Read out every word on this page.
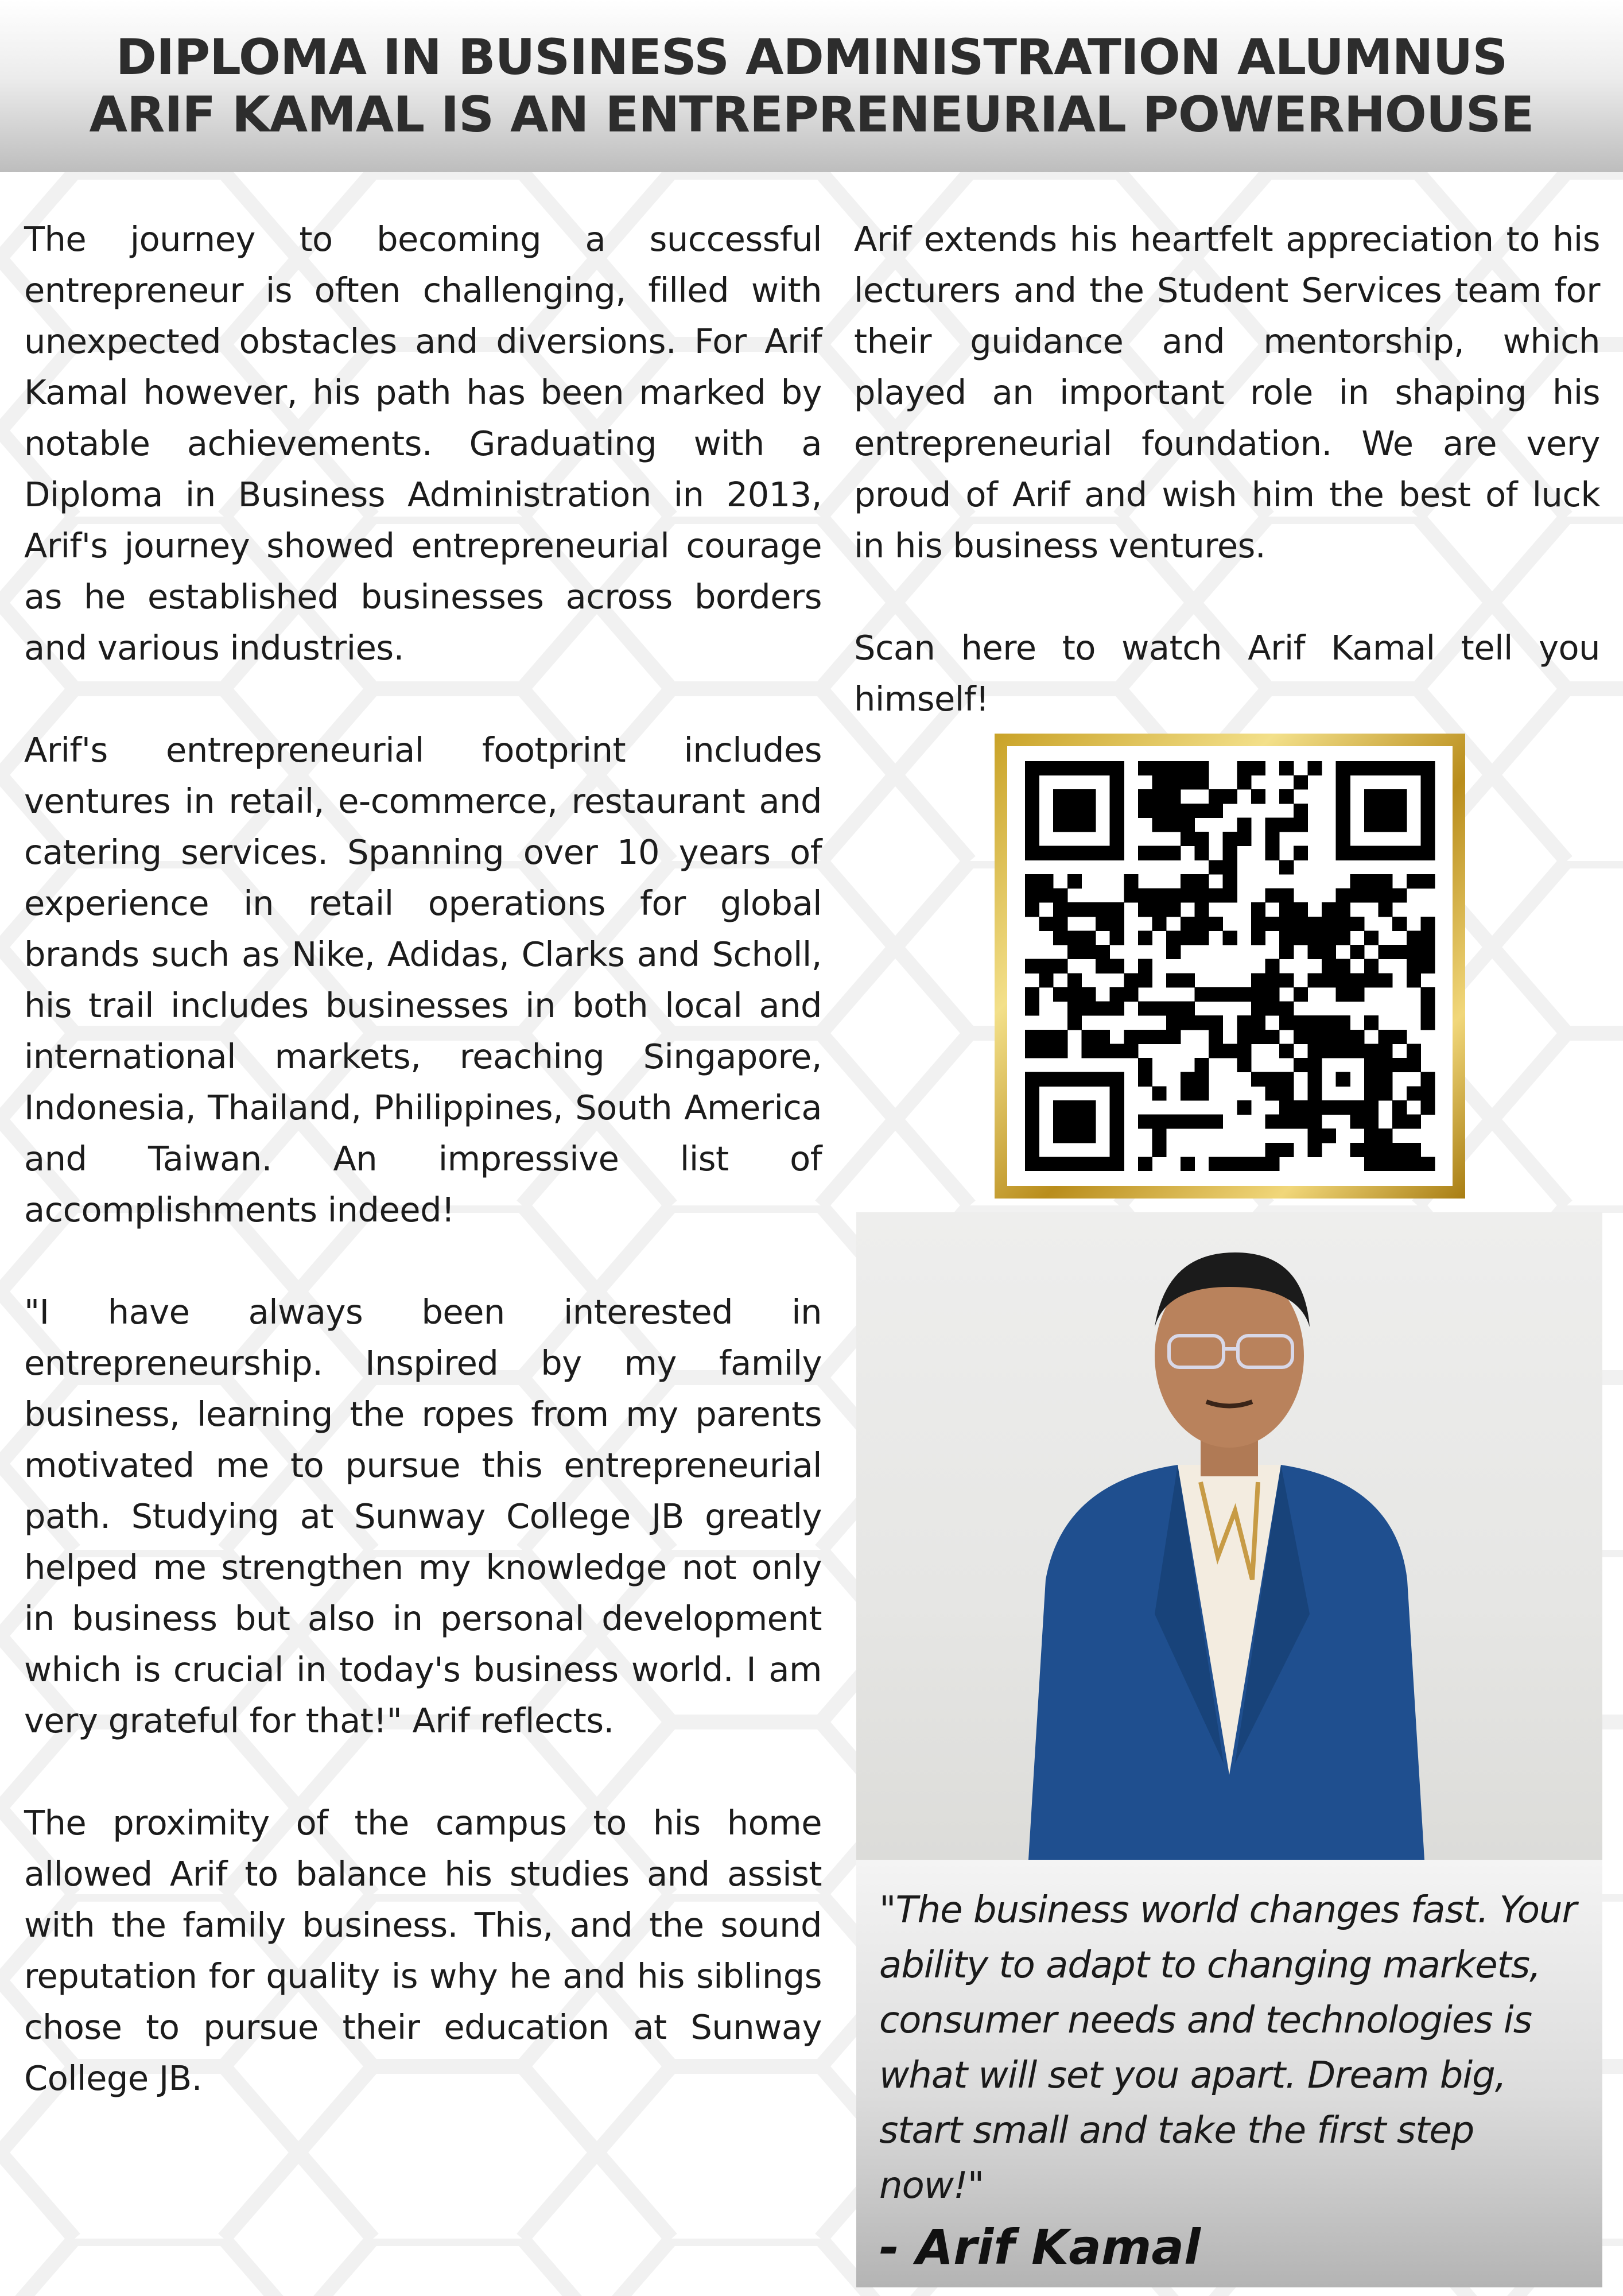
DIPLOMA IN BUSINESS ADMINISTRATION ALUMNUS
ARIF KAMAL IS AN ENTREPRENEURIAL POWERHOUSE

The journey to becoming a successful entrepreneur is often challenging, filled with unexpected obstacles and diversions. For Arif Kamal however, his path has been marked by notable achievements. Graduating with a Diploma in Business Administration in 2013, Arif's journey showed entrepreneurial courage as he established businesses across borders and various industries.

Arif's entrepreneurial footprint includes ventures in retail, e-commerce, restaurant and catering services. Spanning over 10 years of experience in retail operations for global brands such as Nike, Adidas, Clarks and Scholl, his trail includes businesses in both local and international markets, reaching Singapore, Indonesia, Thailand, Philippines, South America and Taiwan. An impressive list of accomplishments indeed!

"I have always been interested in entrepreneurship. Inspired by my family business, learning the ropes from my parents motivated me to pursue this entrepreneurial path. Studying at Sunway College JB greatly helped me strengthen my knowledge not only in business but also in personal development which is crucial in today's business world. I am very grateful for that!" Arif reflects.

The proximity of the campus to his home allowed Arif to balance his studies and assist with the family business. This, and the sound reputation for quality is why he and his siblings chose to pursue their education at Sunway College JB.

Arif extends his heartfelt appreciation to his lecturers and the Student Services team for their guidance and mentorship, which played an important role in shaping his entrepreneurial foundation. We are very proud of Arif and wish him the best of luck in his business ventures.

Scan here to watch Arif Kamal tell you himself!

"The business world changes fast. Your ability to adapt to changing markets, consumer needs and technologies is what will set you apart. Dream big, start small and take the first step now!"
- Arif Kamal
